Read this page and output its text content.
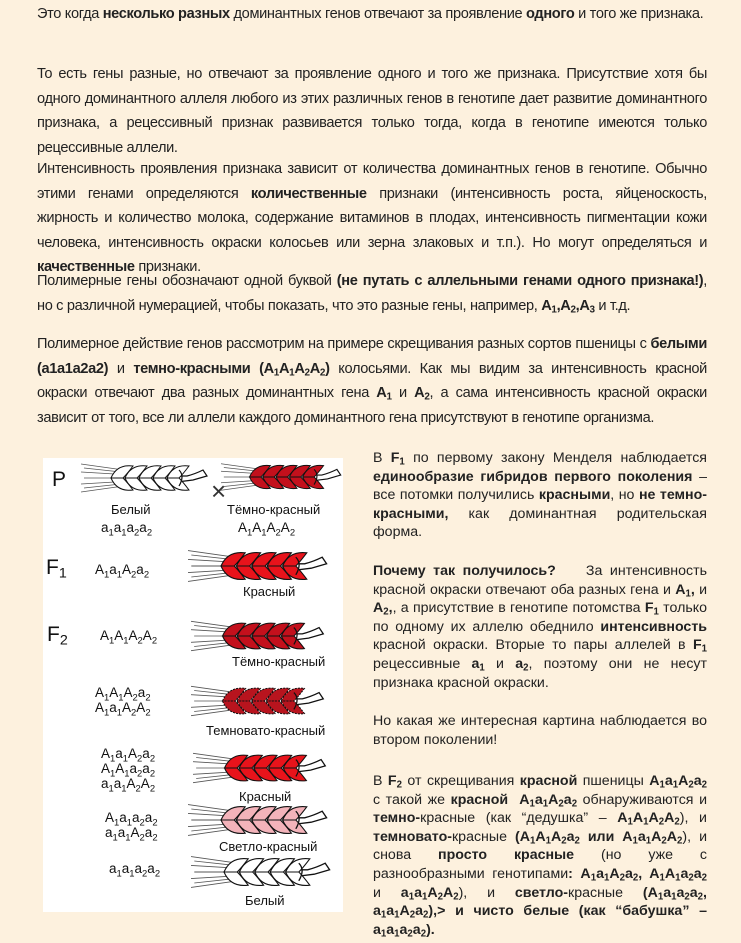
Это когда несколько разных доминантных генов отвечают за проявление одного и того же признака.
То есть гены разные, но отвечают за проявление одного и того же признака. Присутствие хотя бы одного доминантного аллеля любого из этих различных генов в генотипе дает развитие доминантного признака, а рецессивный признак развивается только тогда, когда в генотипе имеются только рецессивные аллели.
Интенсивность проявления признака зависит от количества доминантных генов в генотипе. Обычно этими генами определяются количественные признаки (интенсивность роста, яйценоскость, жирность и количество молока, содержание витаминов в плодах, интенсивность пигментации кожи человека, интенсивность окраски колосьев или зерна злаковых и т.п.). Но могут определяться и качественные признаки.
Полимерные гены обозначают одной буквой (не путать с аллельными генами одного признака!), но с различной нумерацией, чтобы показать, что это разные гены, например, $A_1,A_2,A_3$ и т.д.
Полимерное действие генов рассмотрим на примере скрещивания разных сортов пшеницы с белыми (a1a1a2a2) и темно-красными $(A_1A_1A_2A_2)$ колосьями. Как мы видим за интенсивность красной окраски отвечают два разных доминантных гена $A_1$ и $A_2$, а сама интенсивность красной окраски зависит от того, все ли аллели каждого доминантного гена присутствуют в генотипе организма.
P
$F_1$
$F_2$
×
Белый
$a_1a_1a_2a_2$
Тёмно-красный
$A_1A_1A_2A_2$
$A_1a_1A_2a_2$
Красный
$A_1A_1A_2A_2$
Тёмно-красный
$A_1A_1A_2a_2$
$A_1a_1A_2A_2$
Темновато-красный
$A_1a_1A_2a_2$
$A_1A_1a_2a_2$
$a_1a_1A_2A_2$
Красный
$A_1a_1a_2a_2$
$a_1a_1A_2a_2$
Светло-красный
$a_1a_1a_2a_2$
Белый
В $F_1$ по первому закону Менделя наблюдается единообразие гибридов первого поколения – все потомки получились красными, но не темно-красными, как доминантная родительская форма.
Почему так получилось?    За интенсивность красной окраски отвечают оба разных гена и $A_1$, и $A_2$,, а присутствие в генотипе потомства $F_1$ только по одному их аллелю обеднило интенсивность красной окраски. Вторые то пары аллелей в $F_1$ рецессивные $a_1$ и $a_2$, поэтому они не несут признака красной окраски.
Но какая же интересная картина наблюдается во втором поколении!
В $F_2$ от скрещивания красной пшеницы $A_1a_1A_2a_2$ с такой же красной $A_1a_1A_2a_2$ обнаруживаются и темно-красные (как “дедушка” – $A_1A_1A_2A_2$), и темновато-красные ($A_1A_1A_2a_2$ или $A_1a_1A_2A_2$), и снова просто красные (но уже с разнообразными генотипами: $A_1a_1A_2a_2$, $A_1A_1a_2a_2$ и $a_1a_1A_2A_2$), и светло-красные ($A_1a_1a_2a_2$, $a_1a_1A_2a_2),> и$ чисто белые (как “бабушка” – $a_1a_1a_2a_2$).
